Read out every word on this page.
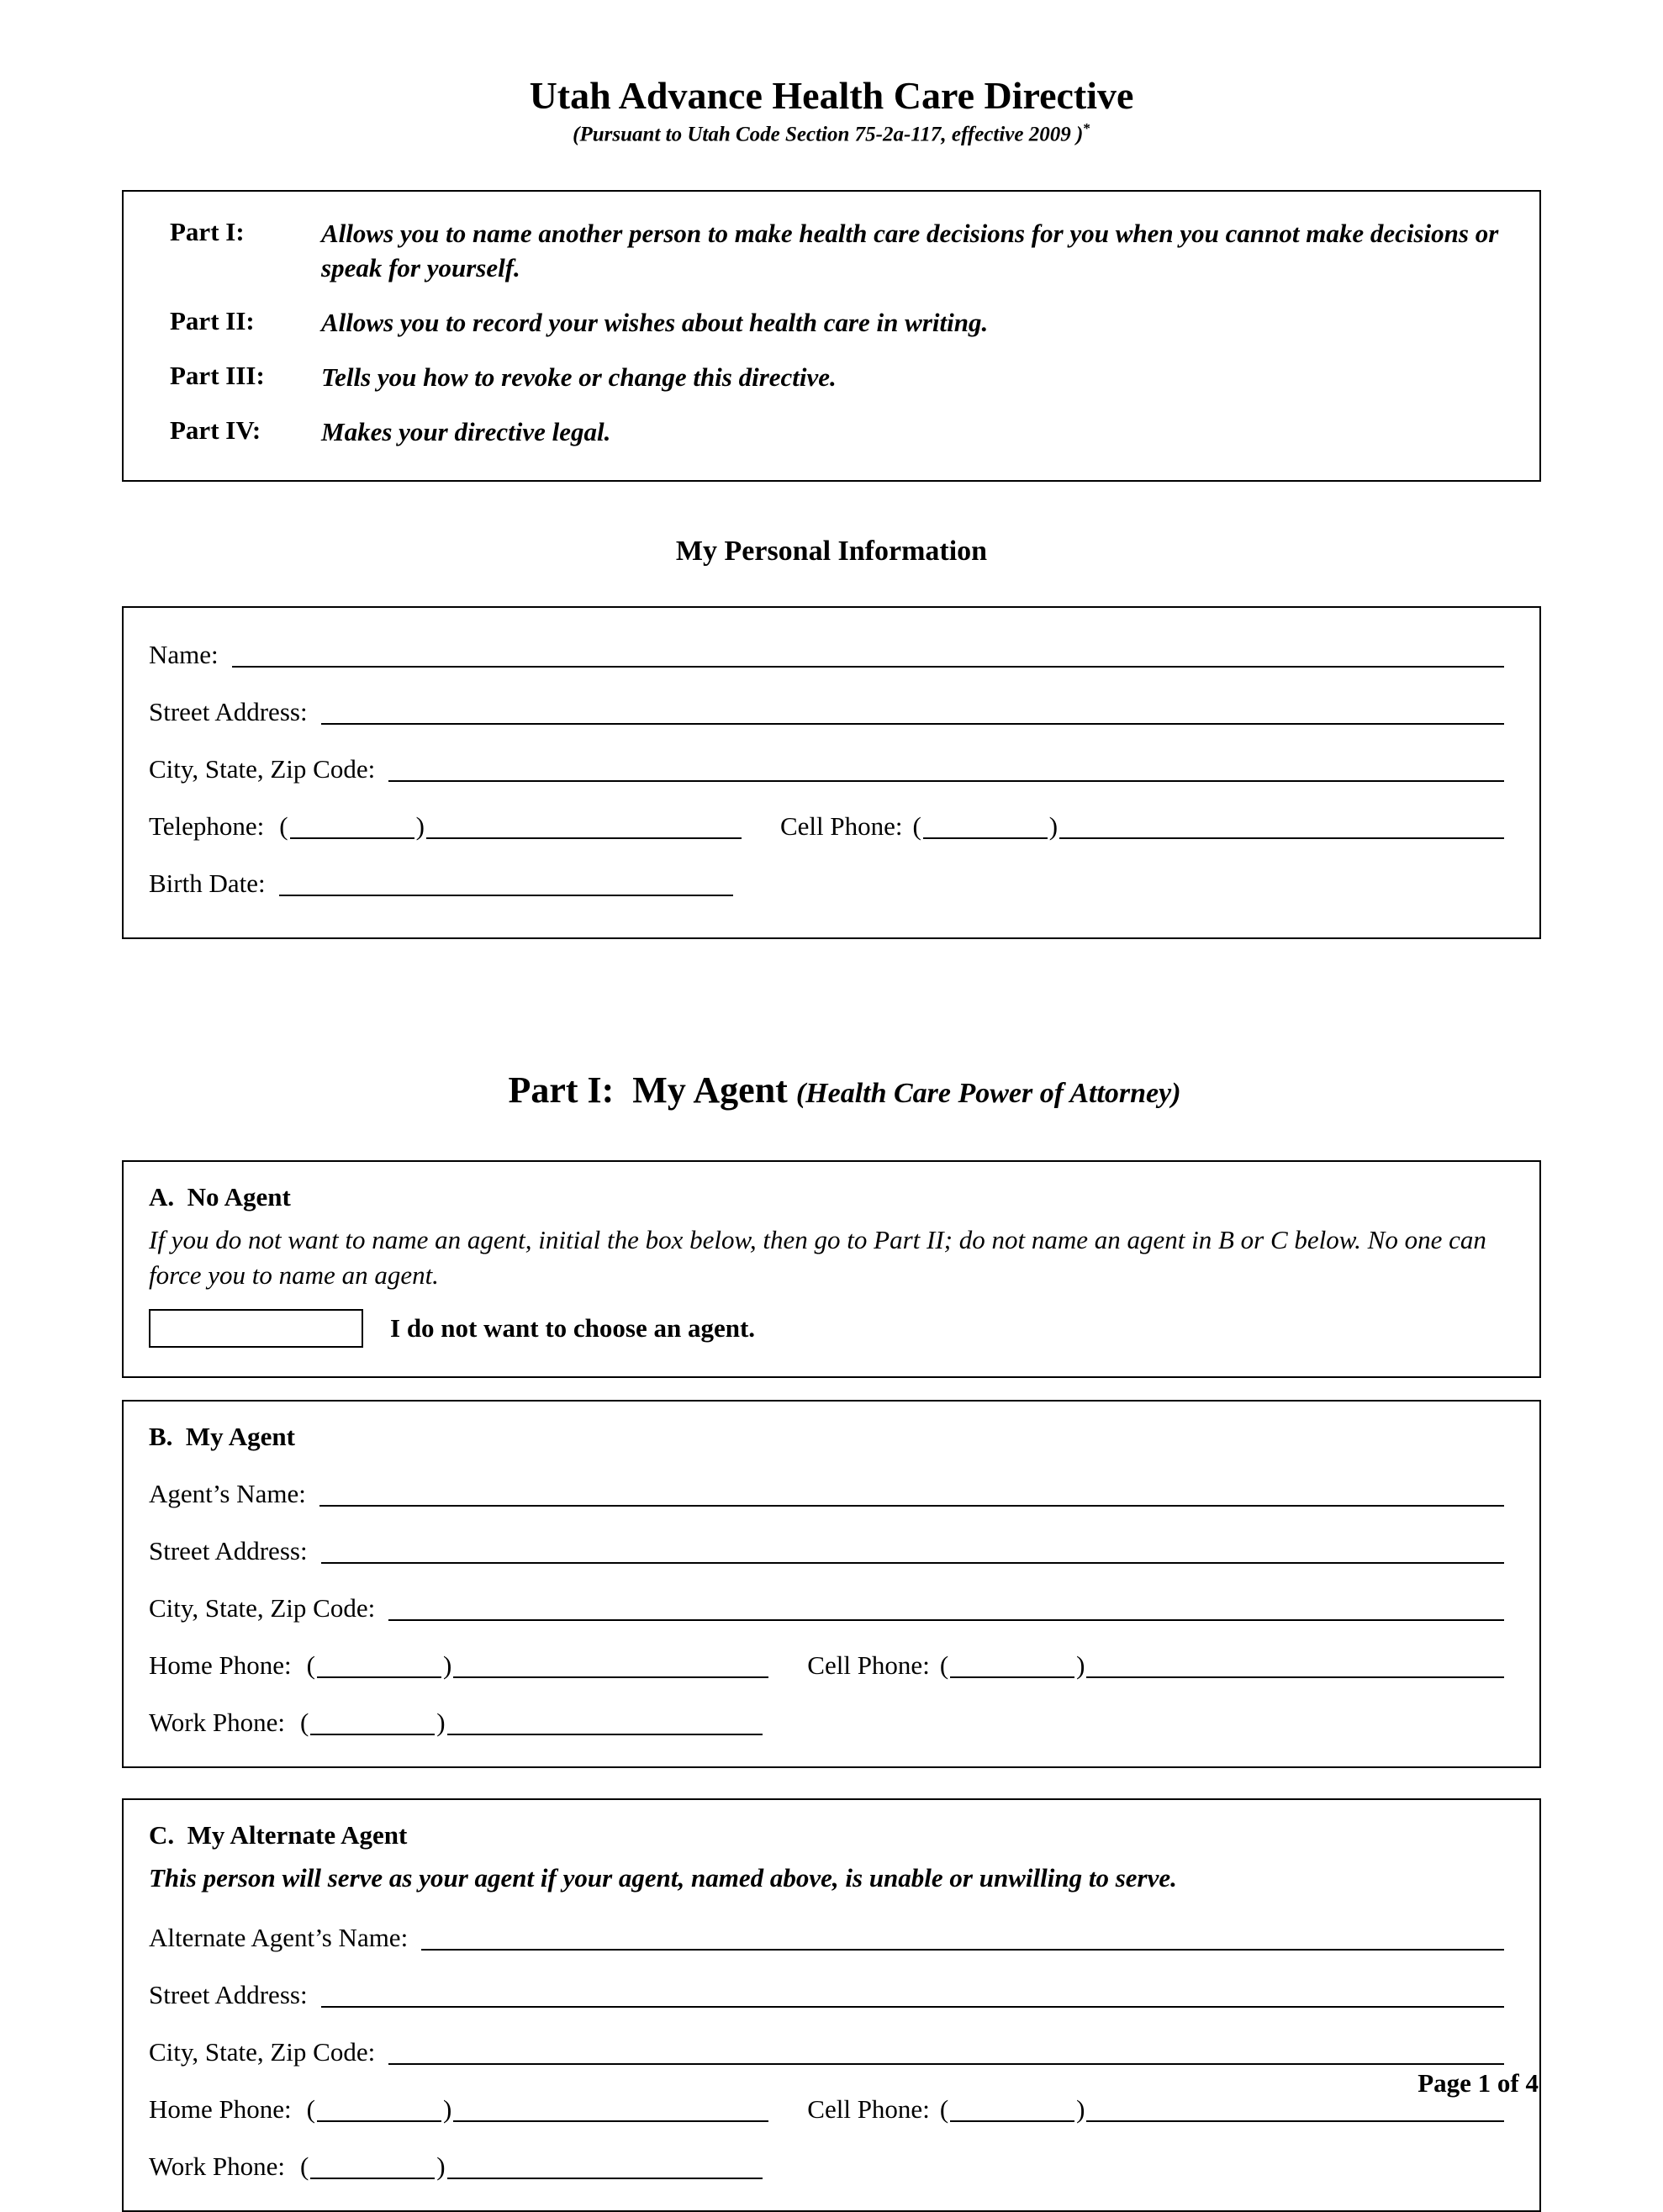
Utah Advance Health Care Directive
(Pursuant to Utah Code Section 75-2a-117, effective 2009 )*
Part I:	Allows you to name another person to make health care decisions for you when you cannot make decisions or speak for yourself.
Part II:	Allows you to record your wishes about health care in writing.
Part III:	Tells you how to revoke or change this directive.
Part IV:	Makes your directive legal.
My Personal Information
Name:
Street Address:
City, State, Zip Code:
Telephone: (	)	Cell Phone: (	)
Birth Date:

Part I:  My Agent (Health Care Power of Attorney)

A.  No Agent
If you do not want to name an agent, initial the box below, then go to Part II; do not name an agent in B or C below. No one can force you to name an agent.
I do not want to choose an agent.
B.  My Agent
Agent’s Name:
Street Address:
City, State, Zip Code:
Home Phone: (	)	Cell Phone: (	)
Work Phone: (	)
C.  My Alternate Agent
This person will serve as your agent if your agent, named above, is unable or unwilling to serve.
Alternate Agent’s Name:
Street Address:
City, State, Zip Code:
Home Phone: (	)	Cell Phone: (	)
Work Phone: (	)
Page 1 of 4
